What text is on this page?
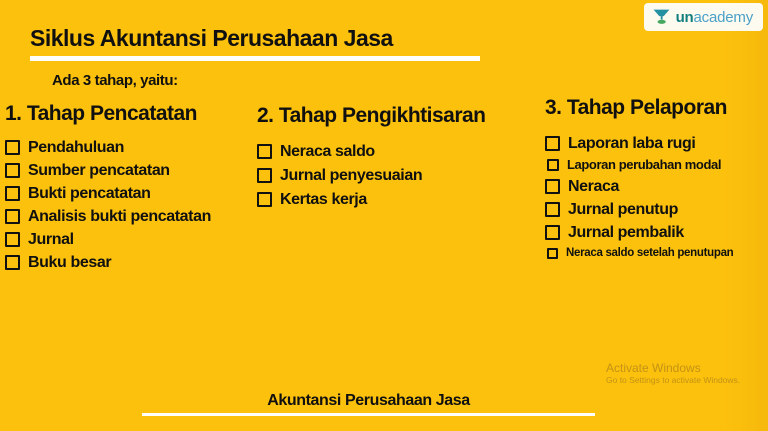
Siklus Akuntansi Perusahaan Jasa
unacademy
Ada 3 tahap, yaitu:
1. Tahap Pencatatan
Pendahuluan
Sumber pencatatan
Bukti pencatatan
Analisis bukti pencatatan
Jurnal
Buku besar
2. Tahap Pengikhtisaran
Neraca saldo
Jurnal penyesuaian
Kertas kerja
3. Tahap Pelaporan
Laporan laba rugi
Laporan perubahan modal
Neraca
Jurnal penutup
Jurnal pembalik
Neraca saldo setelah penutupan
Activate Windows
Go to Settings to activate Windows.
Akuntansi Perusahaan Jasa
